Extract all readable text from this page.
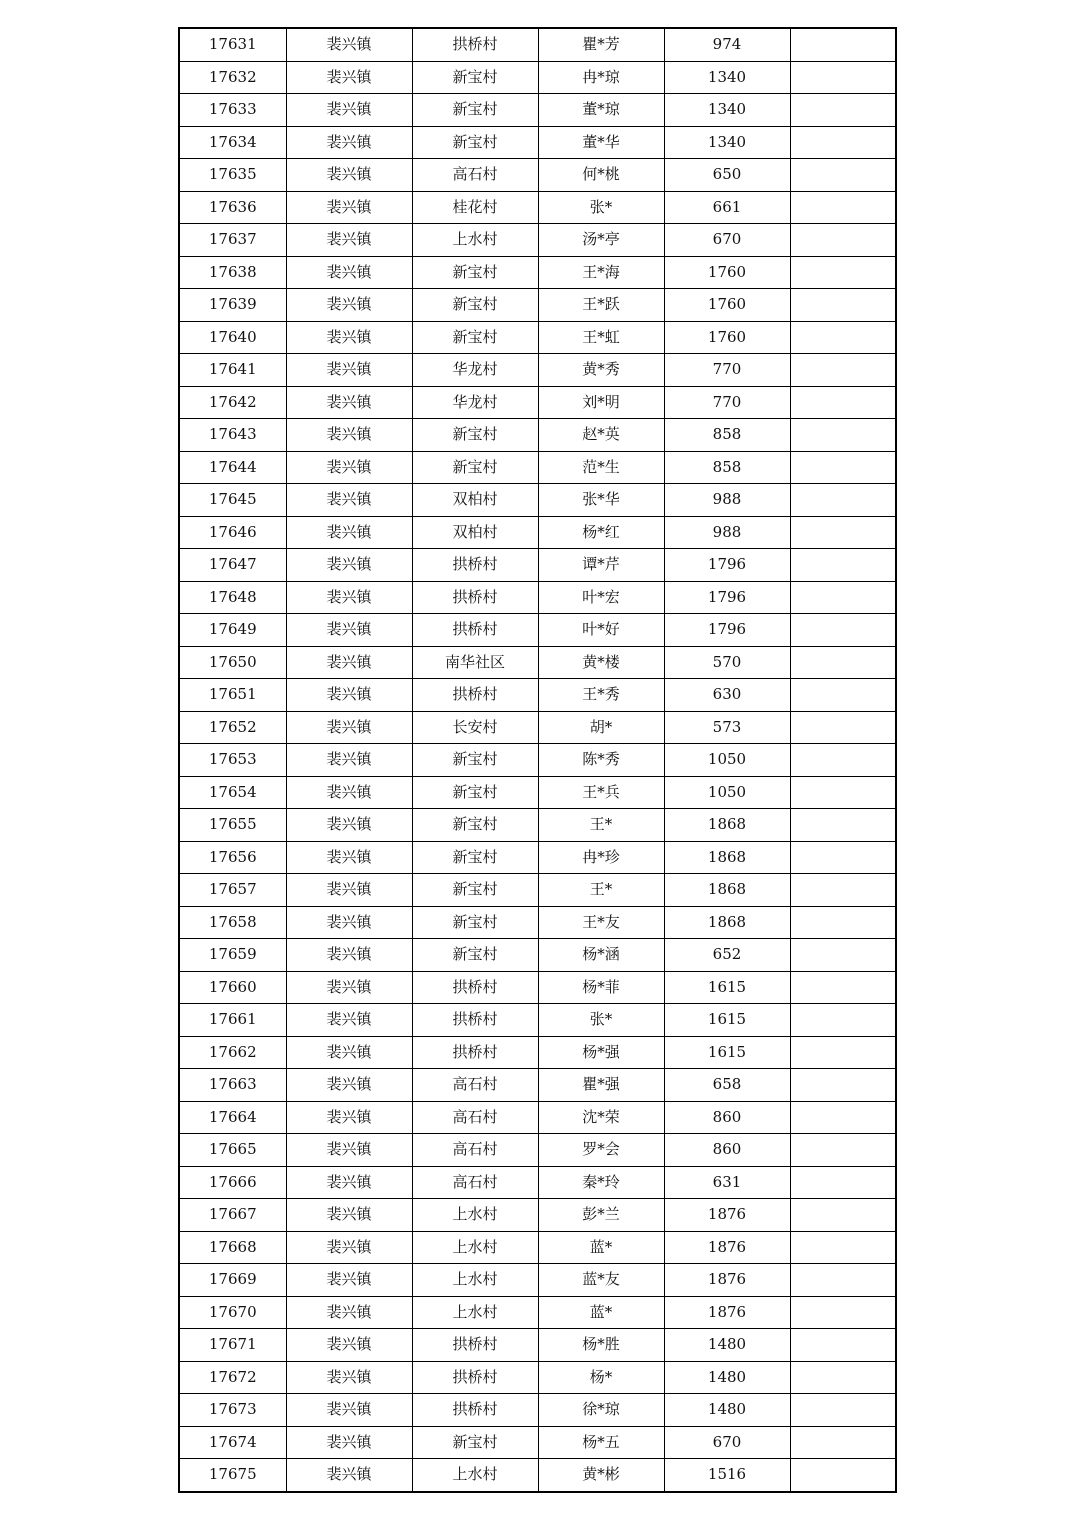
17631	裴兴镇	拱桥村	瞿*芳	974	
17632	裴兴镇	新宝村	冉*琼	1340	
17633	裴兴镇	新宝村	董*琼	1340	
17634	裴兴镇	新宝村	董*华	1340	
17635	裴兴镇	高石村	何*桃	650	
17636	裴兴镇	桂花村	张*	661	
17637	裴兴镇	上水村	汤*亭	670	
17638	裴兴镇	新宝村	王*海	1760	
17639	裴兴镇	新宝村	王*跃	1760	
17640	裴兴镇	新宝村	王*虹	1760	
17641	裴兴镇	华龙村	黄*秀	770	
17642	裴兴镇	华龙村	刘*明	770	
17643	裴兴镇	新宝村	赵*英	858	
17644	裴兴镇	新宝村	范*生	858	
17645	裴兴镇	双柏村	张*华	988	
17646	裴兴镇	双柏村	杨*红	988	
17647	裴兴镇	拱桥村	谭*芹	1796	
17648	裴兴镇	拱桥村	叶*宏	1796	
17649	裴兴镇	拱桥村	叶*好	1796	
17650	裴兴镇	南华社区	黄*楼	570	
17651	裴兴镇	拱桥村	王*秀	630	
17652	裴兴镇	长安村	胡*	573	
17653	裴兴镇	新宝村	陈*秀	1050	
17654	裴兴镇	新宝村	王*兵	1050	
17655	裴兴镇	新宝村	王*	1868	
17656	裴兴镇	新宝村	冉*珍	1868	
17657	裴兴镇	新宝村	王*	1868	
17658	裴兴镇	新宝村	王*友	1868	
17659	裴兴镇	新宝村	杨*涵	652	
17660	裴兴镇	拱桥村	杨*菲	1615	
17661	裴兴镇	拱桥村	张*	1615	
17662	裴兴镇	拱桥村	杨*强	1615	
17663	裴兴镇	高石村	瞿*强	658	
17664	裴兴镇	高石村	沈*荣	860	
17665	裴兴镇	高石村	罗*会	860	
17666	裴兴镇	高石村	秦*玲	631	
17667	裴兴镇	上水村	彭*兰	1876	
17668	裴兴镇	上水村	蓝*	1876	
17669	裴兴镇	上水村	蓝*友	1876	
17670	裴兴镇	上水村	蓝*	1876	
17671	裴兴镇	拱桥村	杨*胜	1480	
17672	裴兴镇	拱桥村	杨*	1480	
17673	裴兴镇	拱桥村	徐*琼	1480	
17674	裴兴镇	新宝村	杨*五	670	
17675	裴兴镇	上水村	黄*彬	1516	
